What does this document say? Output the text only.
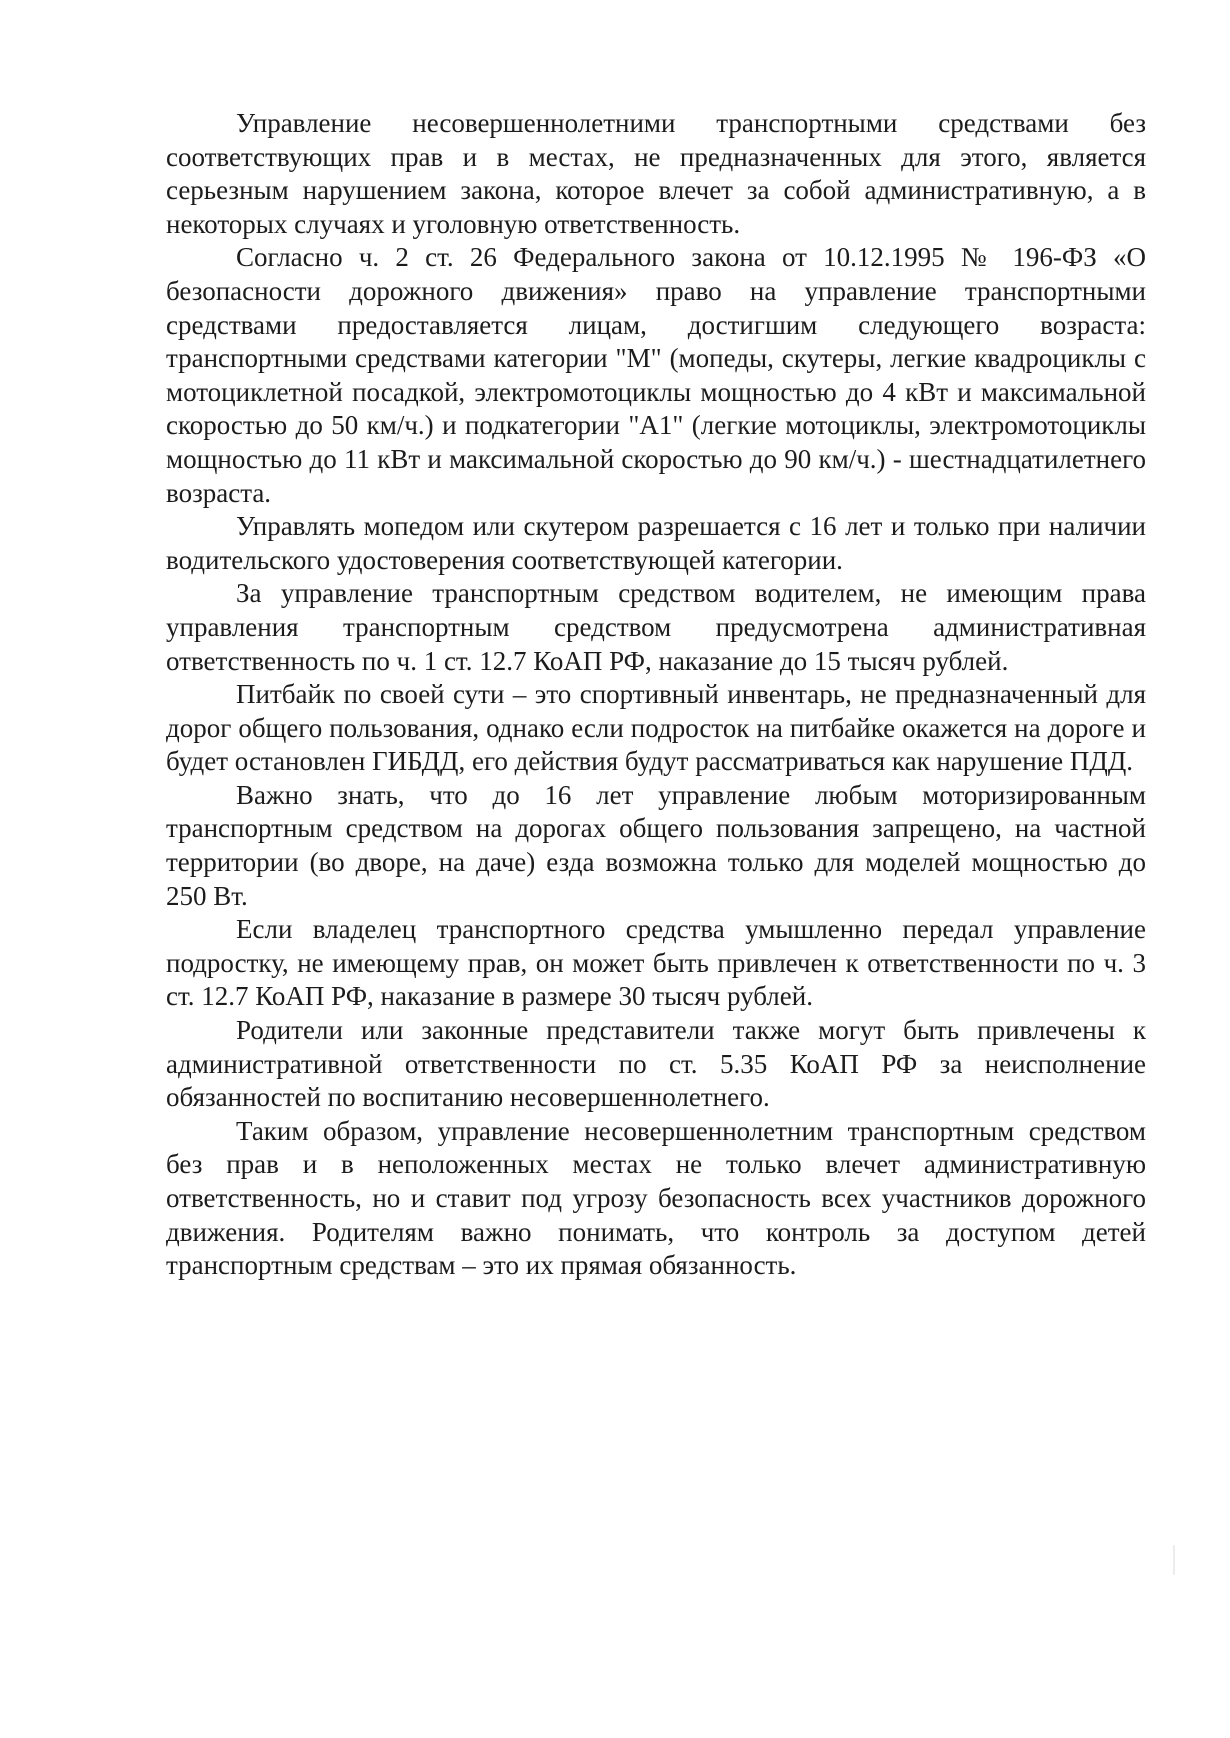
Управление несовершеннолетними транспортными средствами без соответствующих прав и в местах, не предназначенных для этого, является серьезным нарушением закона, которое влечет за собой административную, а в некоторых случаях и уголовную ответственность.

Согласно ч. 2 ст. 26 Федерального закона от 10.12.1995 № 196-ФЗ «О безопасности дорожного движения» право на управление транспортными средствами предоставляется лицам, достигшим следующего возраста: транспортными средствами категории "М" (мопеды, скутеры, легкие квадроциклы с мотоциклетной посадкой, электромотоциклы мощностью до 4 кВт и максимальной скоростью до 50 км/ч.) и подкатегории "А1" (легкие мотоциклы, электромотоциклы мощностью до 11 кВт и максимальной скоростью до 90 км/ч.) - шестнадцатилетнего возраста.

Управлять мопедом или скутером разрешается с 16 лет и только при наличии водительского удостоверения соответствующей категории.

За управление транспортным средством водителем, не имеющим права управления транспортным средством предусмотрена административная ответственность по ч. 1 ст. 12.7 КоАП РФ, наказание до 15 тысяч рублей.

Питбайк по своей сути – это спортивный инвентарь, не предназначенный для дорог общего пользования, однако если подросток на питбайке окажется на дороге и будет остановлен ГИБДД, его действия будут рассматриваться как нарушение ПДД.

Важно знать, что до 16 лет управление любым моторизированным транспортным средством на дорогах общего пользования запрещено, на частной территории (во дворе, на даче) езда возможна только для моделей мощностью до 250 Вт.

Если владелец транспортного средства умышленно передал управление подростку, не имеющему прав, он может быть привлечен к ответственности по ч. 3 ст. 12.7 КоАП РФ, наказание в размере 30 тысяч рублей.

Родители или законные представители также могут быть привлечены к административной ответственности по ст. 5.35 КоАП РФ за неисполнение обязанностей по воспитанию несовершеннолетнего.

Таким образом, управление несовершеннолетним транспортным средством без прав и в неположенных местах не только влечет административную ответственность, но и ставит под угрозу безопасность всех участников дорожного движения. Родителям важно понимать, что контроль за доступом детей транспортным средствам – это их прямая обязанность.
